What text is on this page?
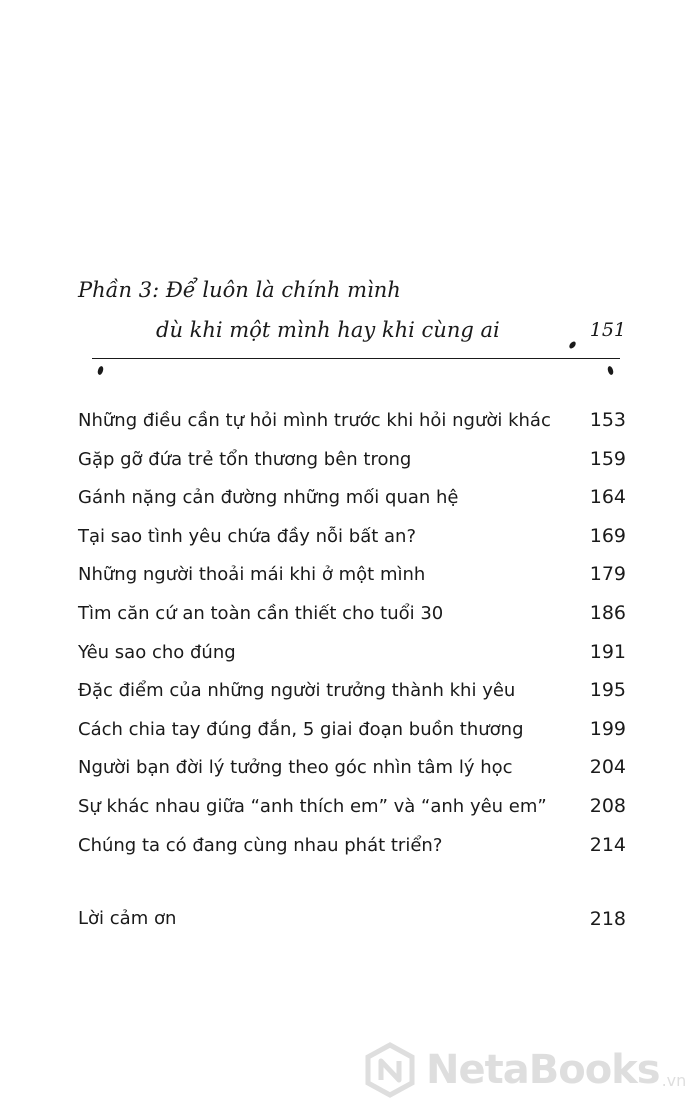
Phần 3: Để luôn là chính mình
dù khi một mình hay khi cùng ai	151
Những điều cần tự hỏi mình trước khi hỏi người khác 153
Gặp gỡ đứa trẻ tổn thương bên trong	159
Gánh nặng cản đường những mối quan hệ	164
Tại sao tình yêu chứa đầy nỗi bất an?	169
Những người thoải mái khi ở một mình	179
Tìm căn cứ an toàn cần thiết cho tuổi 30	186
Yêu sao cho đúng	191
Đặc điểm của những người trưởng thành khi yêu	195
Cách chia tay đúng đắn, 5 giai đoạn buồn thương	199
Người bạn đời lý tưởng theo góc nhìn tâm lý học	204
Sự khác nhau giữa “anh thích em” và “anh yêu em” 208
Chúng ta có đang cùng nhau phát triển?	214
Lời cảm ơn	218
NetaBooks .vn
